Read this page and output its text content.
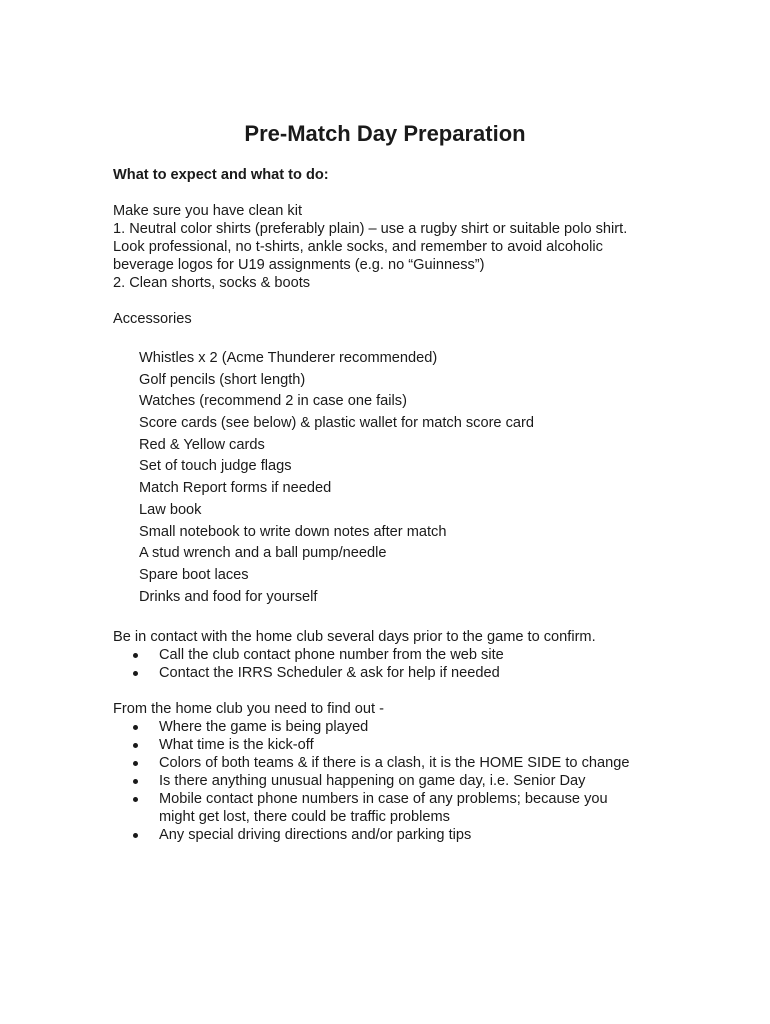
Pre-Match Day Preparation

What to expect and what to do:

Make sure you have clean kit

1. Neutral color shirts (preferably plain) – use a rugby shirt or suitable polo shirt.

Look professional, no t-shirts, ankle socks, and remember to avoid alcoholic

beverage logos for U19 assignments (e.g. no “Guinness”)

2. Clean shorts, socks & boots

Accessories

Whistles x 2 (Acme Thunderer recommended)
Golf pencils (short length)
Watches (recommend 2 in case one fails)
Score cards (see below) & plastic wallet for match score card
Red & Yellow cards
Set of touch judge flags
Match Report forms if needed
Law book
Small notebook to write down notes after match
A stud wrench and a ball pump/needle
Spare boot laces
Drinks and food for yourself

Be in contact with the home club several days prior to the game to confirm.

Call the club contact phone number from the web site
Contact the IRRS Scheduler & ask for help if needed

From the home club you need to find out -

Where the game is being played
What time is the kick-off
Colors of both teams & if there is a clash, it is the HOME SIDE to change
Is there anything unusual happening on game day, i.e. Senior Day
Mobile contact phone numbers in case of any problems; because you might get lost, there could be traffic problems
Any special driving directions and/or parking tips
